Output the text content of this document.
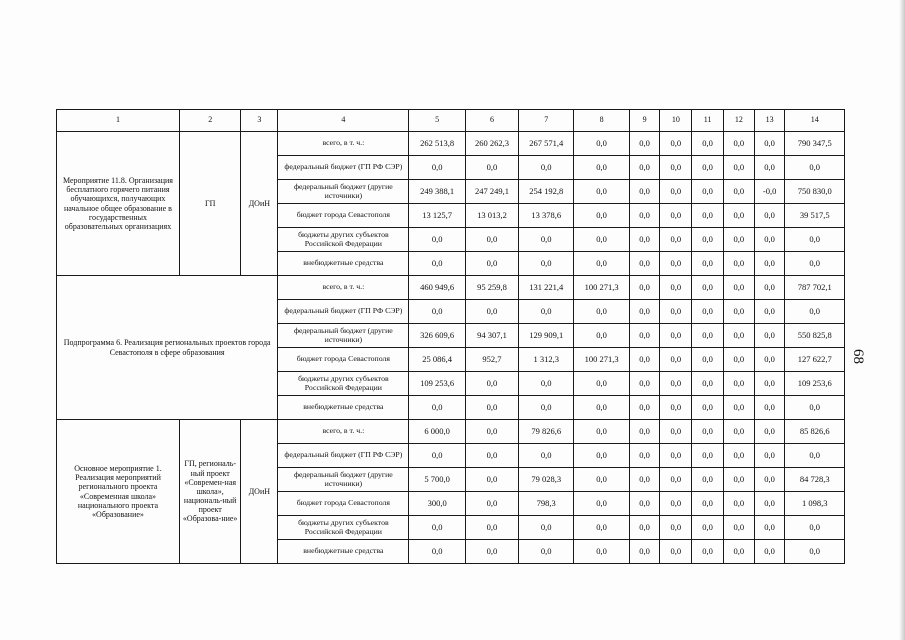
1	2	3	4	5	6	7	8	9	10	11	12	13	14
Мероприятие 11.8. Организация бесплатного горячего питания обучающихся, получающих начальное общее образование в государственных образовательных организациях	ГП	ДОиН	всего, в т. ч.:	262 513,8	260 262,3	267 571,4	0,0	0,0	0,0	0,0	0,0	0,0	790 347,5
			федеральный бюджет (ГП РФ СЭР)	0,0	0,0	0,0	0,0	0,0	0,0	0,0	0,0	0,0	0,0
			федеральный бюджет (другие источники)	249 388,1	247 249,1	254 192,8	0,0	0,0	0,0	0,0	0,0	-0,0	750 830,0
			бюджет города Севастополя	13 125,7	13 013,2	13 378,6	0,0	0,0	0,0	0,0	0,0	0,0	39 517,5
			бюджеты других субъектов Российской Федерации	0,0	0,0	0,0	0,0	0,0	0,0	0,0	0,0	0,0	0,0
			внебюджетные средства	0,0	0,0	0,0	0,0	0,0	0,0	0,0	0,0	0,0	0,0
Подпрограмма 6. Реализация региональных проектов города Севастополя в сфере образования			всего, в т. ч.:	460 949,6	95 259,8	131 221,4	100 271,3	0,0	0,0	0,0	0,0	0,0	787 702,1
			федеральный бюджет (ГП РФ СЭР)	0,0	0,0	0,0	0,0	0,0	0,0	0,0	0,0	0,0	0,0
			федеральный бюджет (другие источники)	326 609,6	94 307,1	129 909,1	0,0	0,0	0,0	0,0	0,0	0,0	550 825,8
			бюджет города Севастополя	25 086,4	952,7	1 312,3	100 271,3	0,0	0,0	0,0	0,0	0,0	127 622,7
			бюджеты других субъектов Российской Федерации	109 253,6	0,0	0,0	0,0	0,0	0,0	0,0	0,0	0,0	109 253,6
			внебюджетные средства	0,0	0,0	0,0	0,0	0,0	0,0	0,0	0,0	0,0	0,0
Основное мероприятие 1. Реализация мероприятий регионального проекта «Современная школа» национального проекта «Образование»	ГП, региональ-ный проект «Современ-ная школа», националь-ный проект «Образова-ние»	ДОиН	всего, в т. ч.:	6 000,0	0,0	79 826,6	0,0	0,0	0,0	0,0	0,0	0,0	85 826,6
			федеральный бюджет (ГП РФ СЭР)	0,0	0,0	0,0	0,0	0,0	0,0	0,0	0,0	0,0	0,0
			федеральный бюджет (другие источники)	5 700,0	0,0	79 028,3	0,0	0,0	0,0	0,0	0,0	0,0	84 728,3
			бюджет города Севастополя	300,0	0,0	798,3	0,0	0,0	0,0	0,0	0,0	0,0	1 098,3
			бюджеты других субъектов Российской Федерации	0,0	0,0	0,0	0,0	0,0	0,0	0,0	0,0	0,0	0,0
			внебюджетные средства	0,0	0,0	0,0	0,0	0,0	0,0	0,0	0,0	0,0	0,0
68
